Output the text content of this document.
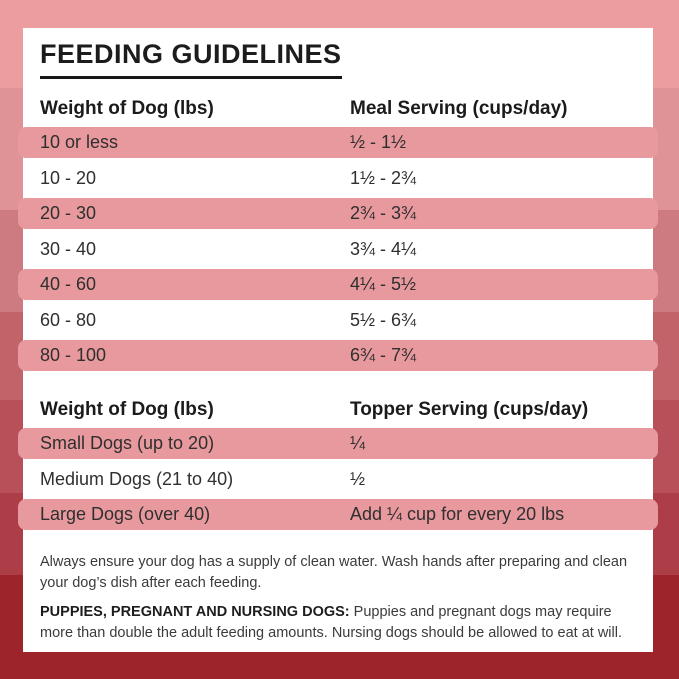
FEEDING GUIDELINES
Weight of Dog (lbs)	Meal Serving (cups/day)
10 or less	½ - 1½
10 - 20	1½ - 2¾
20 - 30	2¾ - 3¾
30 - 40	3¾ - 4¼
40 - 60	4¼ - 5½
60 - 80	5½ - 6¾
80 - 100	6¾ - 7¾
Weight of Dog (lbs)	Topper Serving (cups/day)
Small Dogs (up to 20)	¼
Medium Dogs (21 to 40)	½
Large Dogs (over 40)	Add ¼ cup for every 20 lbs

Always ensure your dog has a supply of clean water. Wash hands after preparing and clean your dog’s dish after each feeding.

PUPPIES, PREGNANT AND NURSING DOGS: Puppies and pregnant dogs may require more than double the adult feeding amounts. Nursing dogs should be allowed to eat at will.
